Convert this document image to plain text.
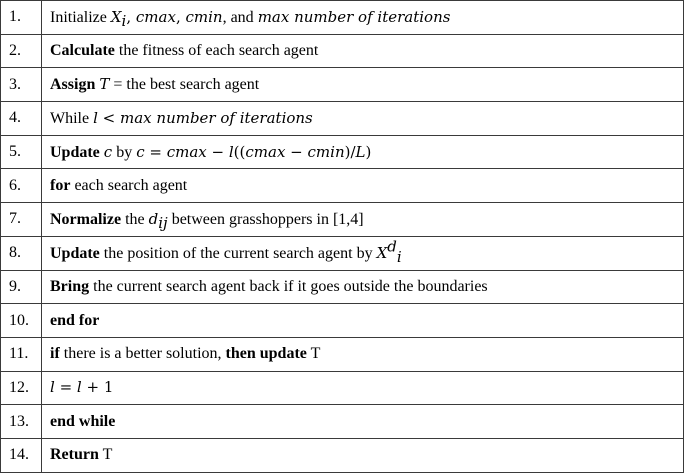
1.	Initialize $X_i$, cmax, cmin, and max number of iterations
2.	Calculate the fitness of each search agent
3.	Assign T = the best search agent
4.	While l < max number of iterations
5.	Update c by c = cmax − l((cmax − cmin)/L)
6.	for each search agent
7.	Normalize the $d_{ij}$ between grasshoppers in [1,4]
8.	Update the position of the current search agent by $X^d_i$
9.	Bring the current search agent back if it goes outside the boundaries
10.	end for
11.	if there is a better solution, then update T
12.	l = l + 1
13.	end while
14.	Return T
